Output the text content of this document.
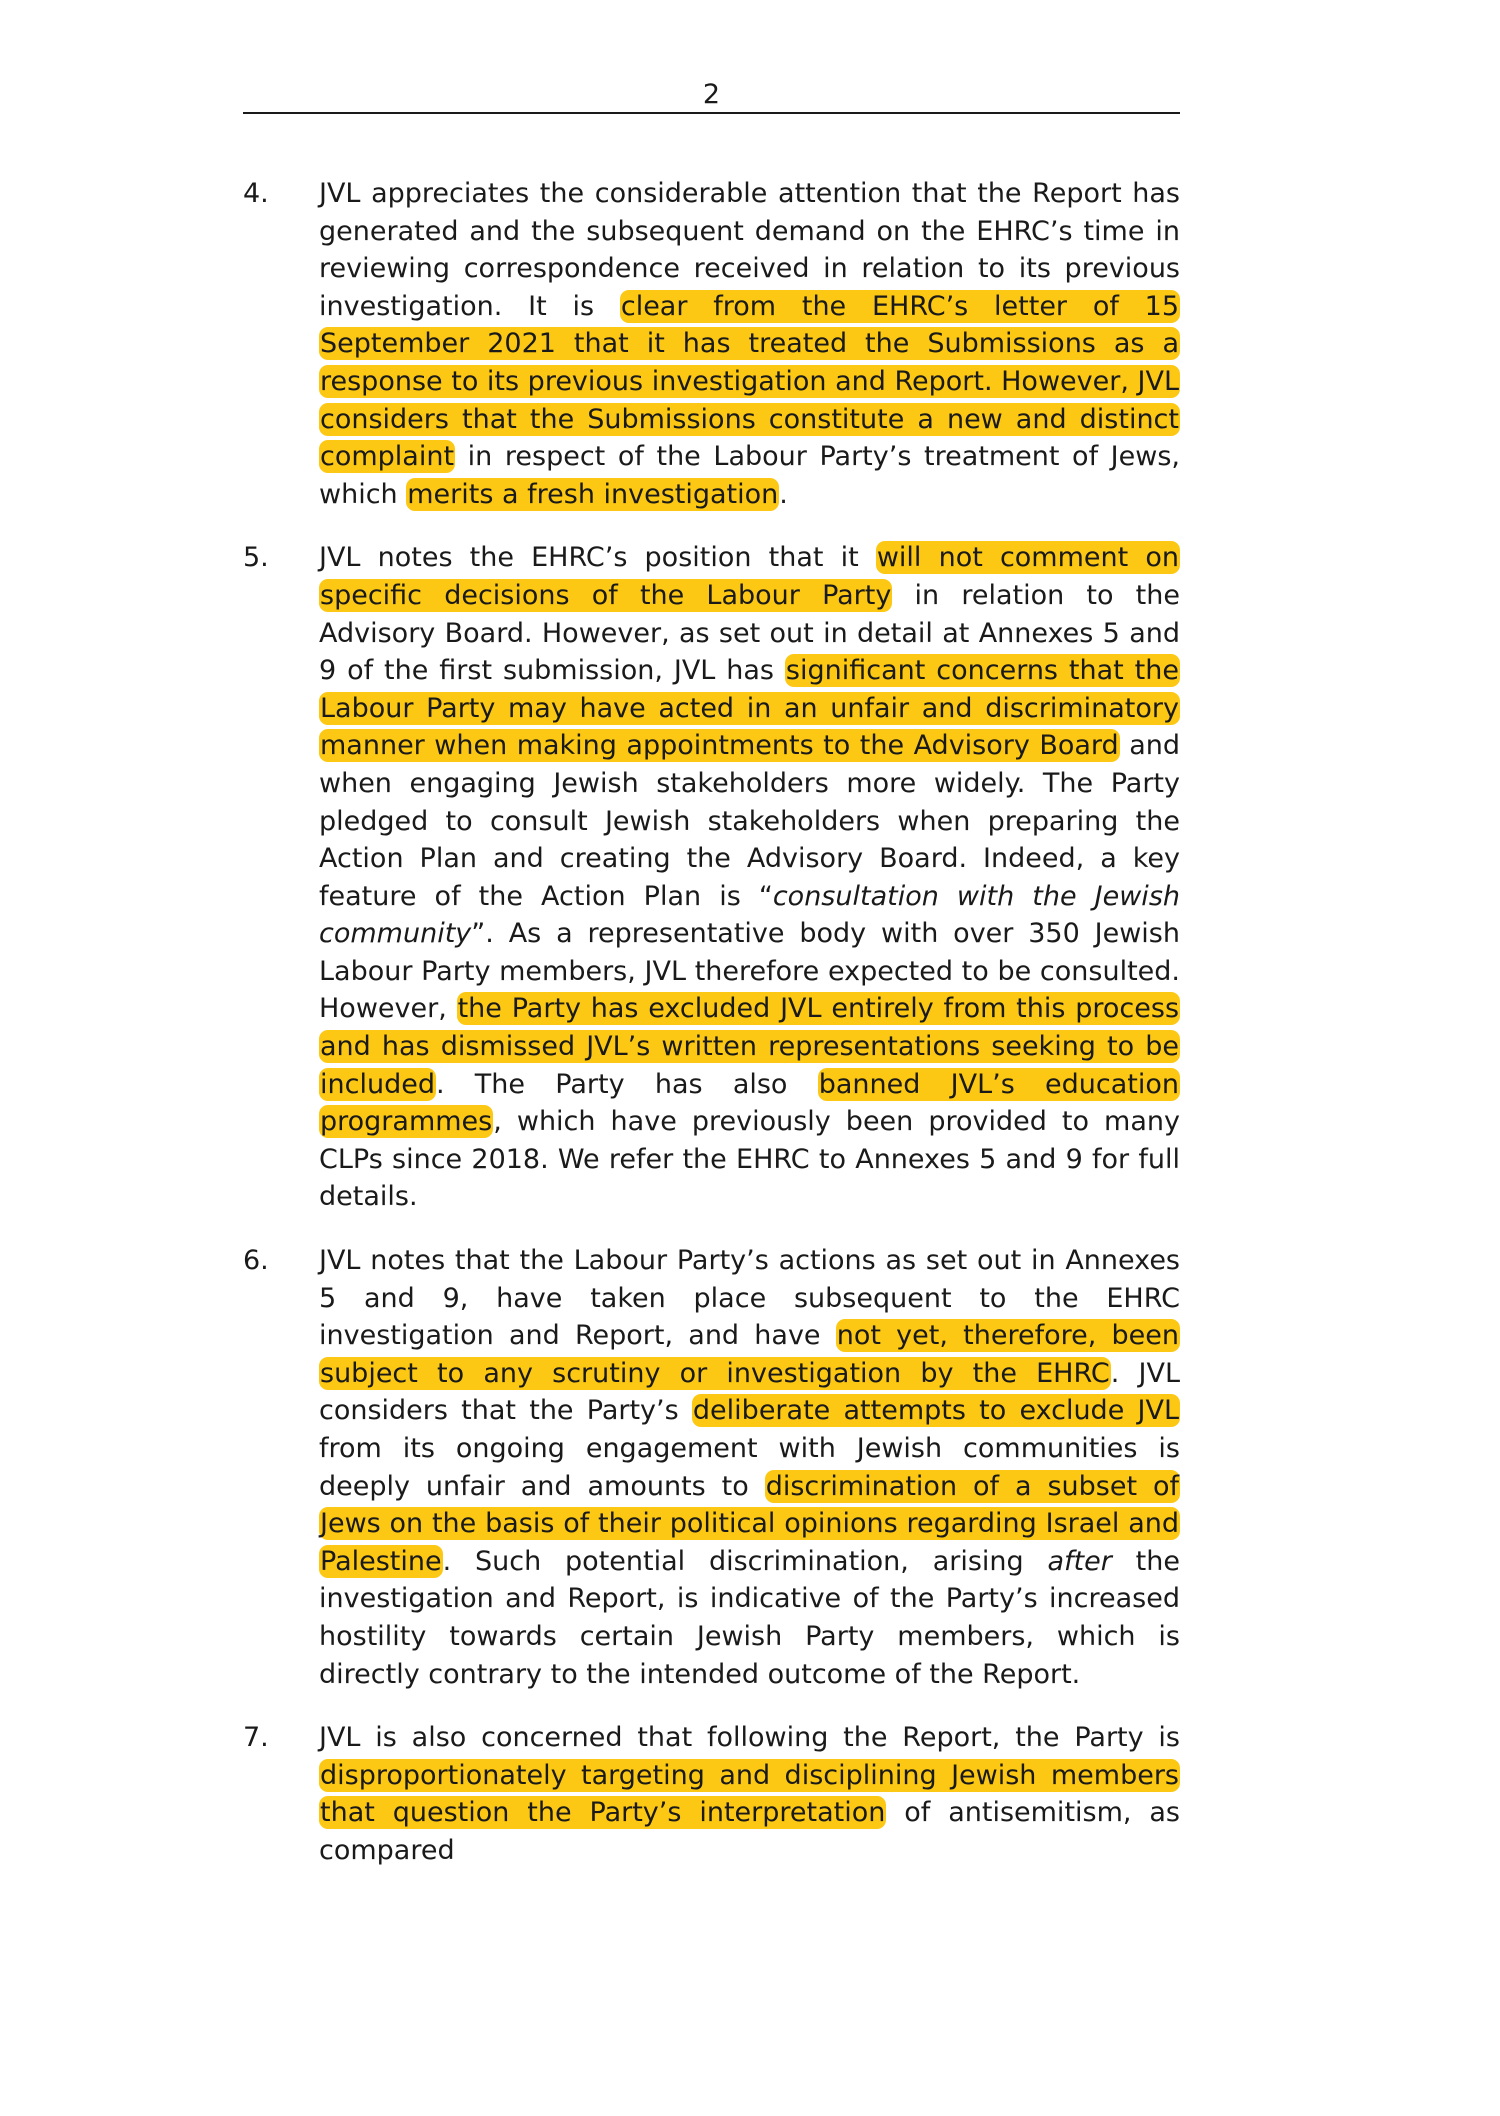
2
4.	JVL appreciates the considerable attention that the Report has generated and the subsequent demand on the EHRC’s time in reviewing correspondence received in relation to its previous investigation. It is clear from the EHRC’s letter of 15 September 2021 that it has treated the Submissions as a response to its previous investigation and Report. However, JVL considers that the Submissions constitute a new and distinct complaint in respect of the Labour Party’s treatment of Jews, which merits a fresh investigation.
5.	JVL notes the EHRC’s position that it will not comment on specific decisions of the Labour Party in relation to the Advisory Board. However, as set out in detail at Annexes 5 and 9 of the first submission, JVL has significant concerns that the Labour Party may have acted in an unfair and discriminatory manner when making appointments to the Advisory Board and when engaging Jewish stakeholders more widely. The Party pledged to consult Jewish stakeholders when preparing the Action Plan and creating the Advisory Board. Indeed, a key feature of the Action Plan is “consultation with the Jewish community”. As a representative body with over 350 Jewish Labour Party members, JVL therefore expected to be consulted. However, the Party has excluded JVL entirely from this process and has dismissed JVL’s written representations seeking to be included. The Party has also banned JVL’s education programmes, which have previously been provided to many CLPs since 2018. We refer the EHRC to Annexes 5 and 9 for full details.
6.	JVL notes that the Labour Party’s actions as set out in Annexes 5 and 9, have taken place subsequent to the EHRC investigation and Report, and have not yet, therefore, been subject to any scrutiny or investigation by the EHRC. JVL considers that the Party’s deliberate attempts to exclude JVL from its ongoing engagement with Jewish communities is deeply unfair and amounts to discrimination of a subset of Jews on the basis of their political opinions regarding Israel and Palestine. Such potential discrimination, arising after the investigation and Report, is indicative of the Party’s increased hostility towards certain Jewish Party members, which is directly contrary to the intended outcome of the Report.
7.	JVL is also concerned that following the Report, the Party is disproportionately targeting and disciplining Jewish members that question the Party’s interpretation of antisemitism, as compared
